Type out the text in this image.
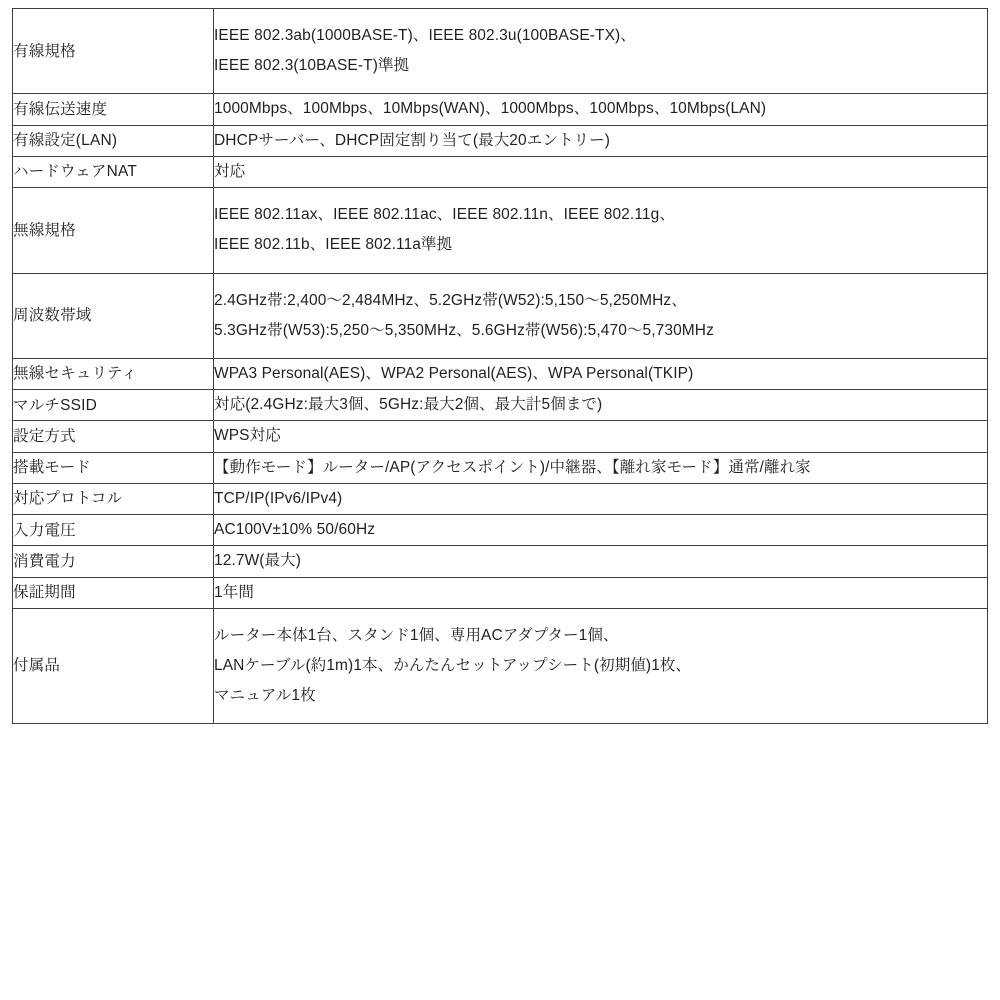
有線規格	IEEE 802.3ab(1000BASE-T)、IEEE 802.3u(100BASE-TX)、
IEEE 802.3(10BASE-T)準拠

有線伝送速度	1000Mbps、100Mbps、10Mbps(WAN)、1000Mbps、100Mbps、10Mbps(LAN)

有線設定(LAN)	DHCPサーバー、DHCP固定割り当て(最大20エントリー)

ハードウェアNAT	対応

無線規格	IEEE 802.11ax、IEEE 802.11ac、IEEE 802.11n、IEEE 802.11g、
IEEE 802.11b、IEEE 802.11a準拠

周波数帯域	2.4GHz帯:2,400〜2,484MHz、5.2GHz帯(W52):5,150〜5,250MHz、
5.3GHz帯(W53):5,250〜5,350MHz、5.6GHz帯(W56):5,470〜5,730MHz

無線セキュリティ	WPA3 Personal(AES)、WPA2 Personal(AES)、WPA Personal(TKIP)

マルチSSID	対応(2.4GHz:最大3個、5GHz:最大2個、最大計5個まで)

設定方式	WPS対応

搭載モード	【動作モード】ルーター/AP(アクセスポイント)/中継器、【離れ家モード】通常/離れ家

対応プロトコル	TCP/IP(IPv6/IPv4)

入力電圧	AC100V±10% 50/60Hz

消費電力	12.7W(最大)

保証期間	1年間

付属品	ルーター本体1台、スタンド1個、専用ACアダプター1個、
LANケーブル(約1m)1本、かんたんセットアップシート(初期値)1枚、
マニュアル1枚
